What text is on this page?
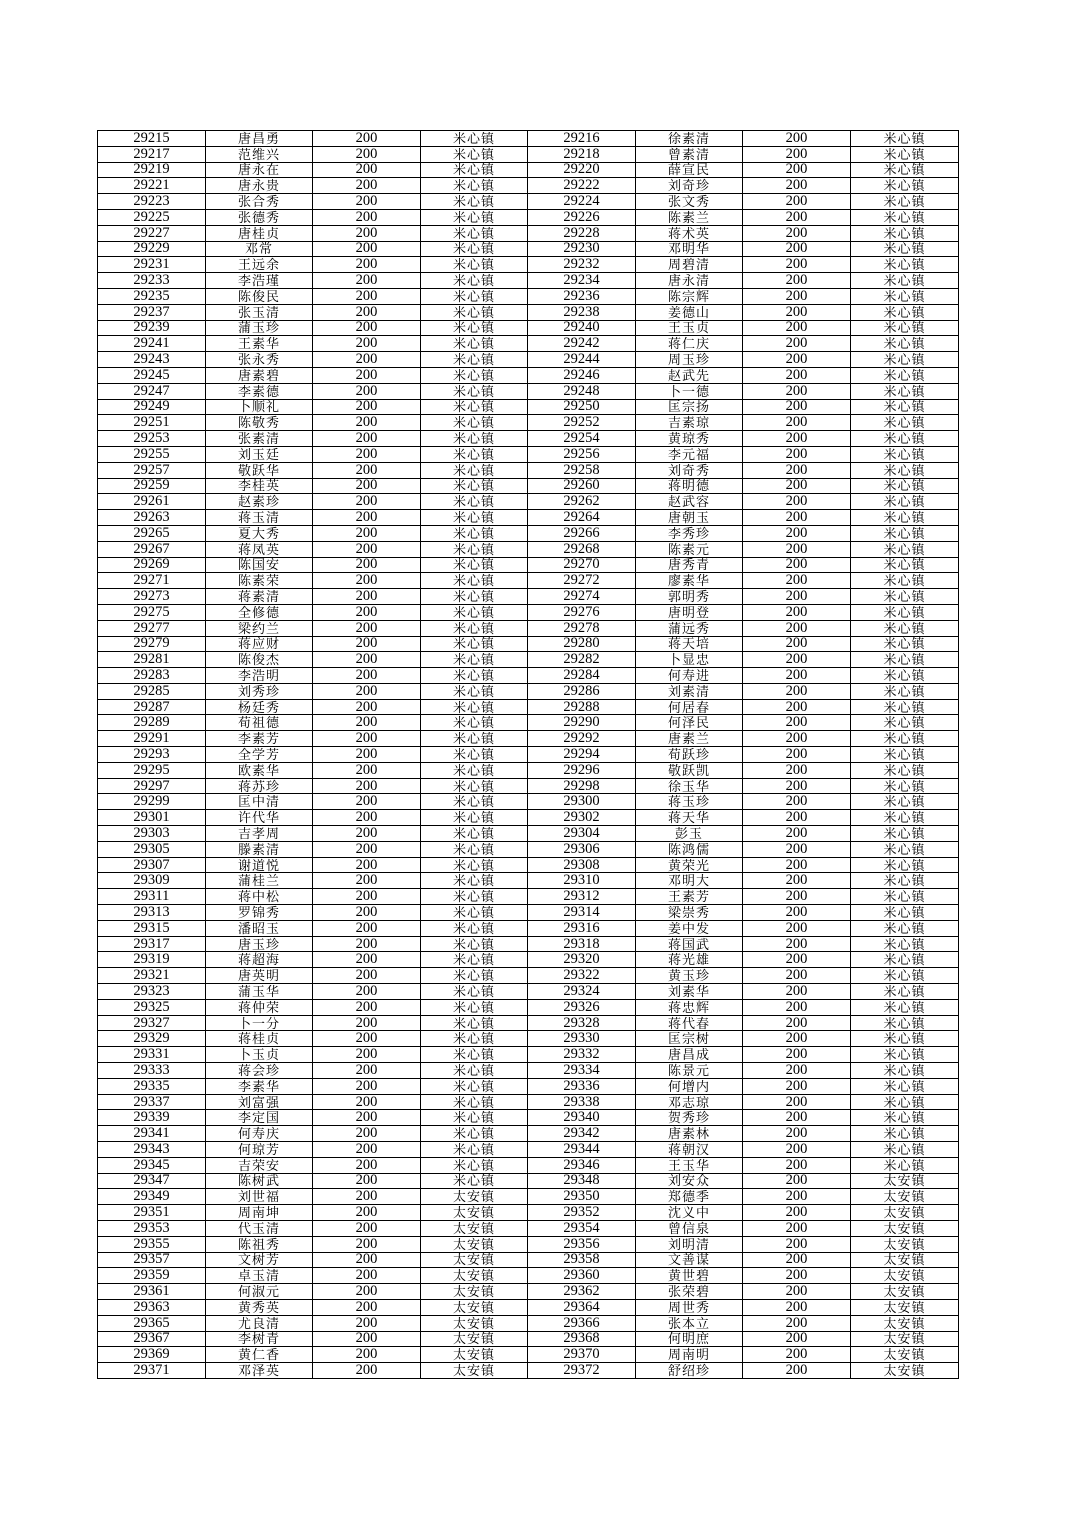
29215	唐昌勇	200	米心镇	29216	徐素清	200	米心镇
29217	范维兴	200	米心镇	29218	曾素清	200	米心镇
29219	唐永在	200	米心镇	29220	薛宣民	200	米心镇
29221	唐永贵	200	米心镇	29222	刘奇珍	200	米心镇
29223	张合秀	200	米心镇	29224	张文秀	200	米心镇
29225	张德秀	200	米心镇	29226	陈素兰	200	米心镇
29227	唐桂贞	200	米心镇	29228	蒋术英	200	米心镇
29229	邓常	200	米心镇	29230	邓明华	200	米心镇
29231	王远余	200	米心镇	29232	周碧清	200	米心镇
29233	李浩瑾	200	米心镇	29234	唐永清	200	米心镇
29235	陈俊民	200	米心镇	29236	陈宗辉	200	米心镇
29237	张玉清	200	米心镇	29238	姜德山	200	米心镇
29239	蒲玉珍	200	米心镇	29240	王玉贞	200	米心镇
29241	王素华	200	米心镇	29242	蒋仁庆	200	米心镇
29243	张永秀	200	米心镇	29244	周玉珍	200	米心镇
29245	唐素碧	200	米心镇	29246	赵武先	200	米心镇
29247	李素德	200	米心镇	29248	卜一德	200	米心镇
29249	卜顺礼	200	米心镇	29250	匡宗扬	200	米心镇
29251	陈敬秀	200	米心镇	29252	吉素琼	200	米心镇
29253	张素清	200	米心镇	29254	黄琼秀	200	米心镇
29255	刘玉廷	200	米心镇	29256	李元福	200	米心镇
29257	敬跃华	200	米心镇	29258	刘奇秀	200	米心镇
29259	李桂英	200	米心镇	29260	蒋明德	200	米心镇
29261	赵素珍	200	米心镇	29262	赵武容	200	米心镇
29263	蒋玉清	200	米心镇	29264	唐朝玉	200	米心镇
29265	夏大秀	200	米心镇	29266	李秀珍	200	米心镇
29267	蒋凤英	200	米心镇	29268	陈素元	200	米心镇
29269	陈国安	200	米心镇	29270	唐秀青	200	米心镇
29271	陈素荣	200	米心镇	29272	廖素华	200	米心镇
29273	蒋素清	200	米心镇	29274	郭明秀	200	米心镇
29275	全修德	200	米心镇	29276	唐明登	200	米心镇
29277	梁约兰	200	米心镇	29278	蒲远秀	200	米心镇
29279	蒋应财	200	米心镇	29280	蒋天培	200	米心镇
29281	陈俊杰	200	米心镇	29282	卜显忠	200	米心镇
29283	李浩明	200	米心镇	29284	何寿进	200	米心镇
29285	刘秀珍	200	米心镇	29286	刘素清	200	米心镇
29287	杨廷秀	200	米心镇	29288	何居春	200	米心镇
29289	荀祖德	200	米心镇	29290	何泽民	200	米心镇
29291	李素芳	200	米心镇	29292	唐素兰	200	米心镇
29293	全学芳	200	米心镇	29294	荀跃珍	200	米心镇
29295	欧素华	200	米心镇	29296	敬跃凯	200	米心镇
29297	蒋苏珍	200	米心镇	29298	徐玉华	200	米心镇
29299	匡中清	200	米心镇	29300	蒋玉珍	200	米心镇
29301	许代华	200	米心镇	29302	蒋天华	200	米心镇
29303	吉孝周	200	米心镇	29304	彭玉	200	米心镇
29305	滕素清	200	米心镇	29306	陈鸿儒	200	米心镇
29307	谢道悦	200	米心镇	29308	黄荣光	200	米心镇
29309	蒲桂兰	200	米心镇	29310	邓明大	200	米心镇
29311	蒋中松	200	米心镇	29312	王素芳	200	米心镇
29313	罗锦秀	200	米心镇	29314	梁崇秀	200	米心镇
29315	潘昭玉	200	米心镇	29316	姜中发	200	米心镇
29317	唐玉珍	200	米心镇	29318	蒋国武	200	米心镇
29319	蒋超海	200	米心镇	29320	蒋光雄	200	米心镇
29321	唐英明	200	米心镇	29322	黄玉珍	200	米心镇
29323	蒲玉华	200	米心镇	29324	刘素华	200	米心镇
29325	蒋仲荣	200	米心镇	29326	蒋忠辉	200	米心镇
29327	卜一分	200	米心镇	29328	蒋代春	200	米心镇
29329	蒋桂贞	200	米心镇	29330	匡宗树	200	米心镇
29331	卜玉贞	200	米心镇	29332	唐昌成	200	米心镇
29333	蒋会珍	200	米心镇	29334	陈景元	200	米心镇
29335	李素华	200	米心镇	29336	何增内	200	米心镇
29337	刘富强	200	米心镇	29338	邓志琼	200	米心镇
29339	李定国	200	米心镇	29340	贺秀珍	200	米心镇
29341	何寿庆	200	米心镇	29342	唐素林	200	米心镇
29343	何琼芳	200	米心镇	29344	蒋朝汉	200	米心镇
29345	吉荣安	200	米心镇	29346	王玉华	200	米心镇
29347	陈树武	200	米心镇	29348	刘安众	200	太安镇
29349	刘世福	200	太安镇	29350	郑德季	200	太安镇
29351	周南坤	200	太安镇	29352	沈义中	200	太安镇
29353	代玉清	200	太安镇	29354	曾信泉	200	太安镇
29355	陈祖秀	200	太安镇	29356	刘明清	200	太安镇
29357	文树芳	200	太安镇	29358	文善谋	200	太安镇
29359	卓玉清	200	太安镇	29360	黄世碧	200	太安镇
29361	何淑元	200	太安镇	29362	张荣碧	200	太安镇
29363	黄秀英	200	太安镇	29364	周世秀	200	太安镇
29365	尤良清	200	太安镇	29366	张本立	200	太安镇
29367	李树青	200	太安镇	29368	何明庶	200	太安镇
29369	黄仁香	200	太安镇	29370	周南明	200	太安镇
29371	邓泽英	200	太安镇	29372	舒绍珍	200	太安镇
